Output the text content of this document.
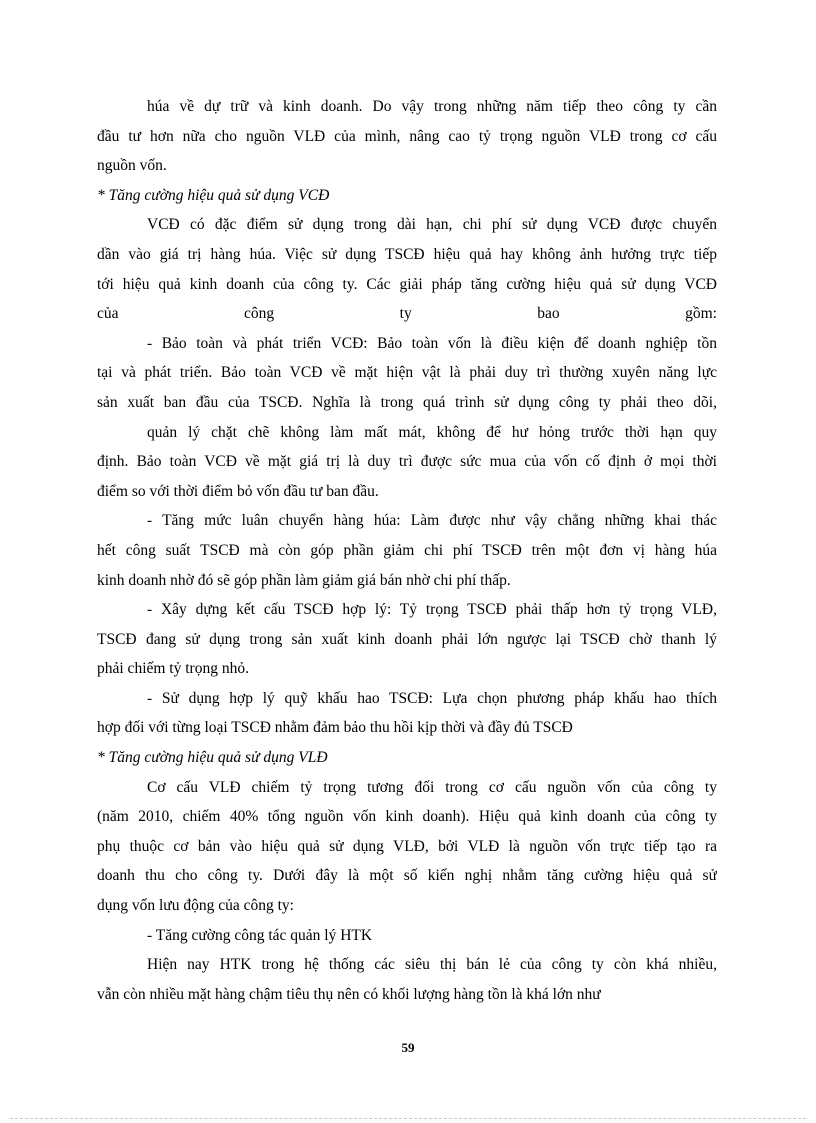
húa về dự trữ và kinh doanh. Do vậy trong những năm tiếp theo công ty cần
đầu tư hơn nữa cho nguồn VLĐ của mình, nâng cao tỷ trọng nguồn VLĐ trong cơ cấu
nguồn vốn.
* Tăng cường hiệu quả sử dụng VCĐ
VCĐ có đặc điểm sử dụng trong dài hạn, chi phí sử dụng VCĐ được chuyển
dần vào giá trị hàng húa. Việc sử dụng TSCĐ hiệu quả hay không ảnh hưởng trực tiếp
tới hiệu quả kinh doanh của công ty. Các giải pháp tăng cường hiệu quả sử dụng VCĐ
của	công	ty	bao	gồm:
- Bảo toàn và phát triển VCĐ: Bảo toàn vốn là điều kiện để doanh nghiệp tồn
tại và phát triển. Bảo toàn VCĐ về mặt hiện vật là phải duy trì thường xuyên năng lực
sản xuất ban đầu của TSCĐ. Nghĩa là trong quá trình sử dụng công ty phải theo dõi,
quản lý chặt chẽ không làm mất mát, không để hư hỏng trước thời hạn quy
định. Bảo toàn VCĐ về mặt giá trị là duy trì được sức mua của vốn cố định ở mọi thời
điểm so với thời điểm bỏ vốn đầu tư ban đầu.
- Tăng mức luân chuyển hàng húa: Làm được như vậy chẳng những khai thác
hết công suất TSCĐ mà còn góp phần giảm chi phí TSCĐ trên một đơn vị hàng húa
kinh doanh nhờ đó sẽ góp phần làm giảm giá bán nhờ chi phí thấp.
- Xây dựng kết cấu TSCĐ hợp lý: Tỷ trọng TSCĐ phải thấp hơn tỷ trọng VLĐ,
TSCĐ đang sử dụng trong sản xuất kinh doanh phải lớn ngược lại TSCĐ chờ thanh lý
phải chiếm tỷ trọng nhỏ.
- Sử dụng hợp lý quỹ khấu hao TSCĐ: Lựa chọn phương pháp khấu hao thích
hợp đối với từng loại TSCĐ nhằm đảm bảo thu hồi kịp thời và đầy đủ TSCĐ
* Tăng cường hiệu quả sử dụng VLĐ
Cơ cấu VLĐ chiếm tỷ trọng tương đối trong cơ cấu nguồn vốn của công ty
(năm 2010, chiếm 40% tổng nguồn vốn kinh doanh). Hiệu quả kinh doanh của công ty
phụ thuộc cơ bản vào hiệu quả sử dụng VLĐ, bởi VLĐ là nguồn vốn trực tiếp tạo ra
doanh thu cho công ty. Dưới đây là một số kiến nghị nhằm tăng cường hiệu quả sử
dụng vốn lưu động của công ty:
- Tăng cường công tác quản lý HTK
Hiện nay HTK trong hệ thống các siêu thị bán lẻ của công ty còn khá nhiều,
vẫn còn nhiều mặt hàng chậm tiêu thụ nên có khối lượng hàng tồn là khá lớn như
59
